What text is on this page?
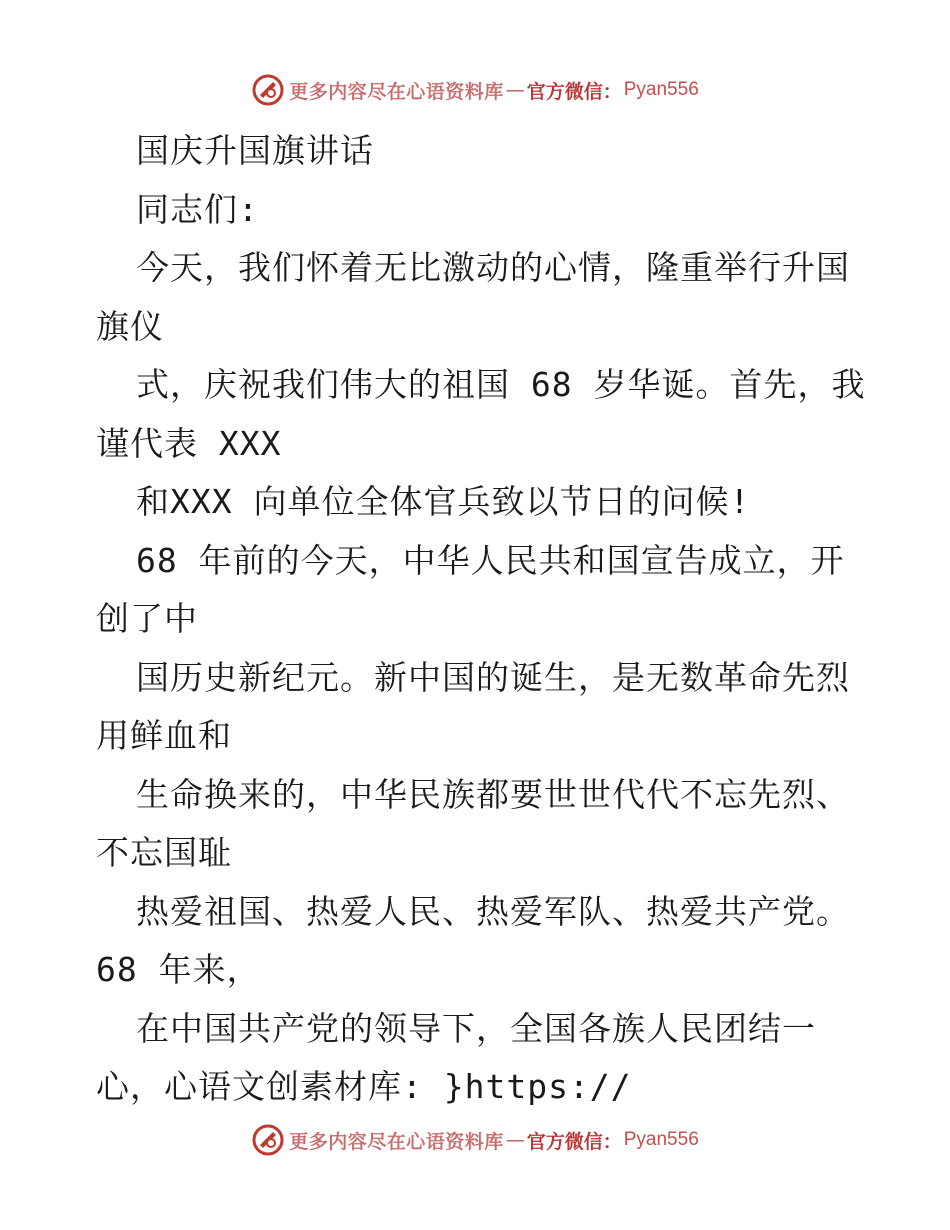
更多内容尽在心语资料库 — 官方微信： Pyan556
国庆升国旗讲话
同志们:
今天，我们怀着无比激动的心情，隆重举行升国
旗仪
式，庆祝我们伟大的祖国 68 岁华诞。首先，我
谨代表 XXX
和XXX 向单位全体官兵致以节日的问候!
68 年前的今天，中华人民共和国宣告成立，开
创了中
国历史新纪元。新中国的诞生，是无数革命先烈
用鲜血和
生命换来的，中华民族都要世世代代不忘先烈、
不忘国耻
热爱祖国、热爱人民、热爱军队、热爱共产党。
68 年来，
在中国共产党的领导下，全国各族人民团结一
心，心语文创素材库: }https://
更多内容尽在心语资料库 — 官方微信： Pyan556
